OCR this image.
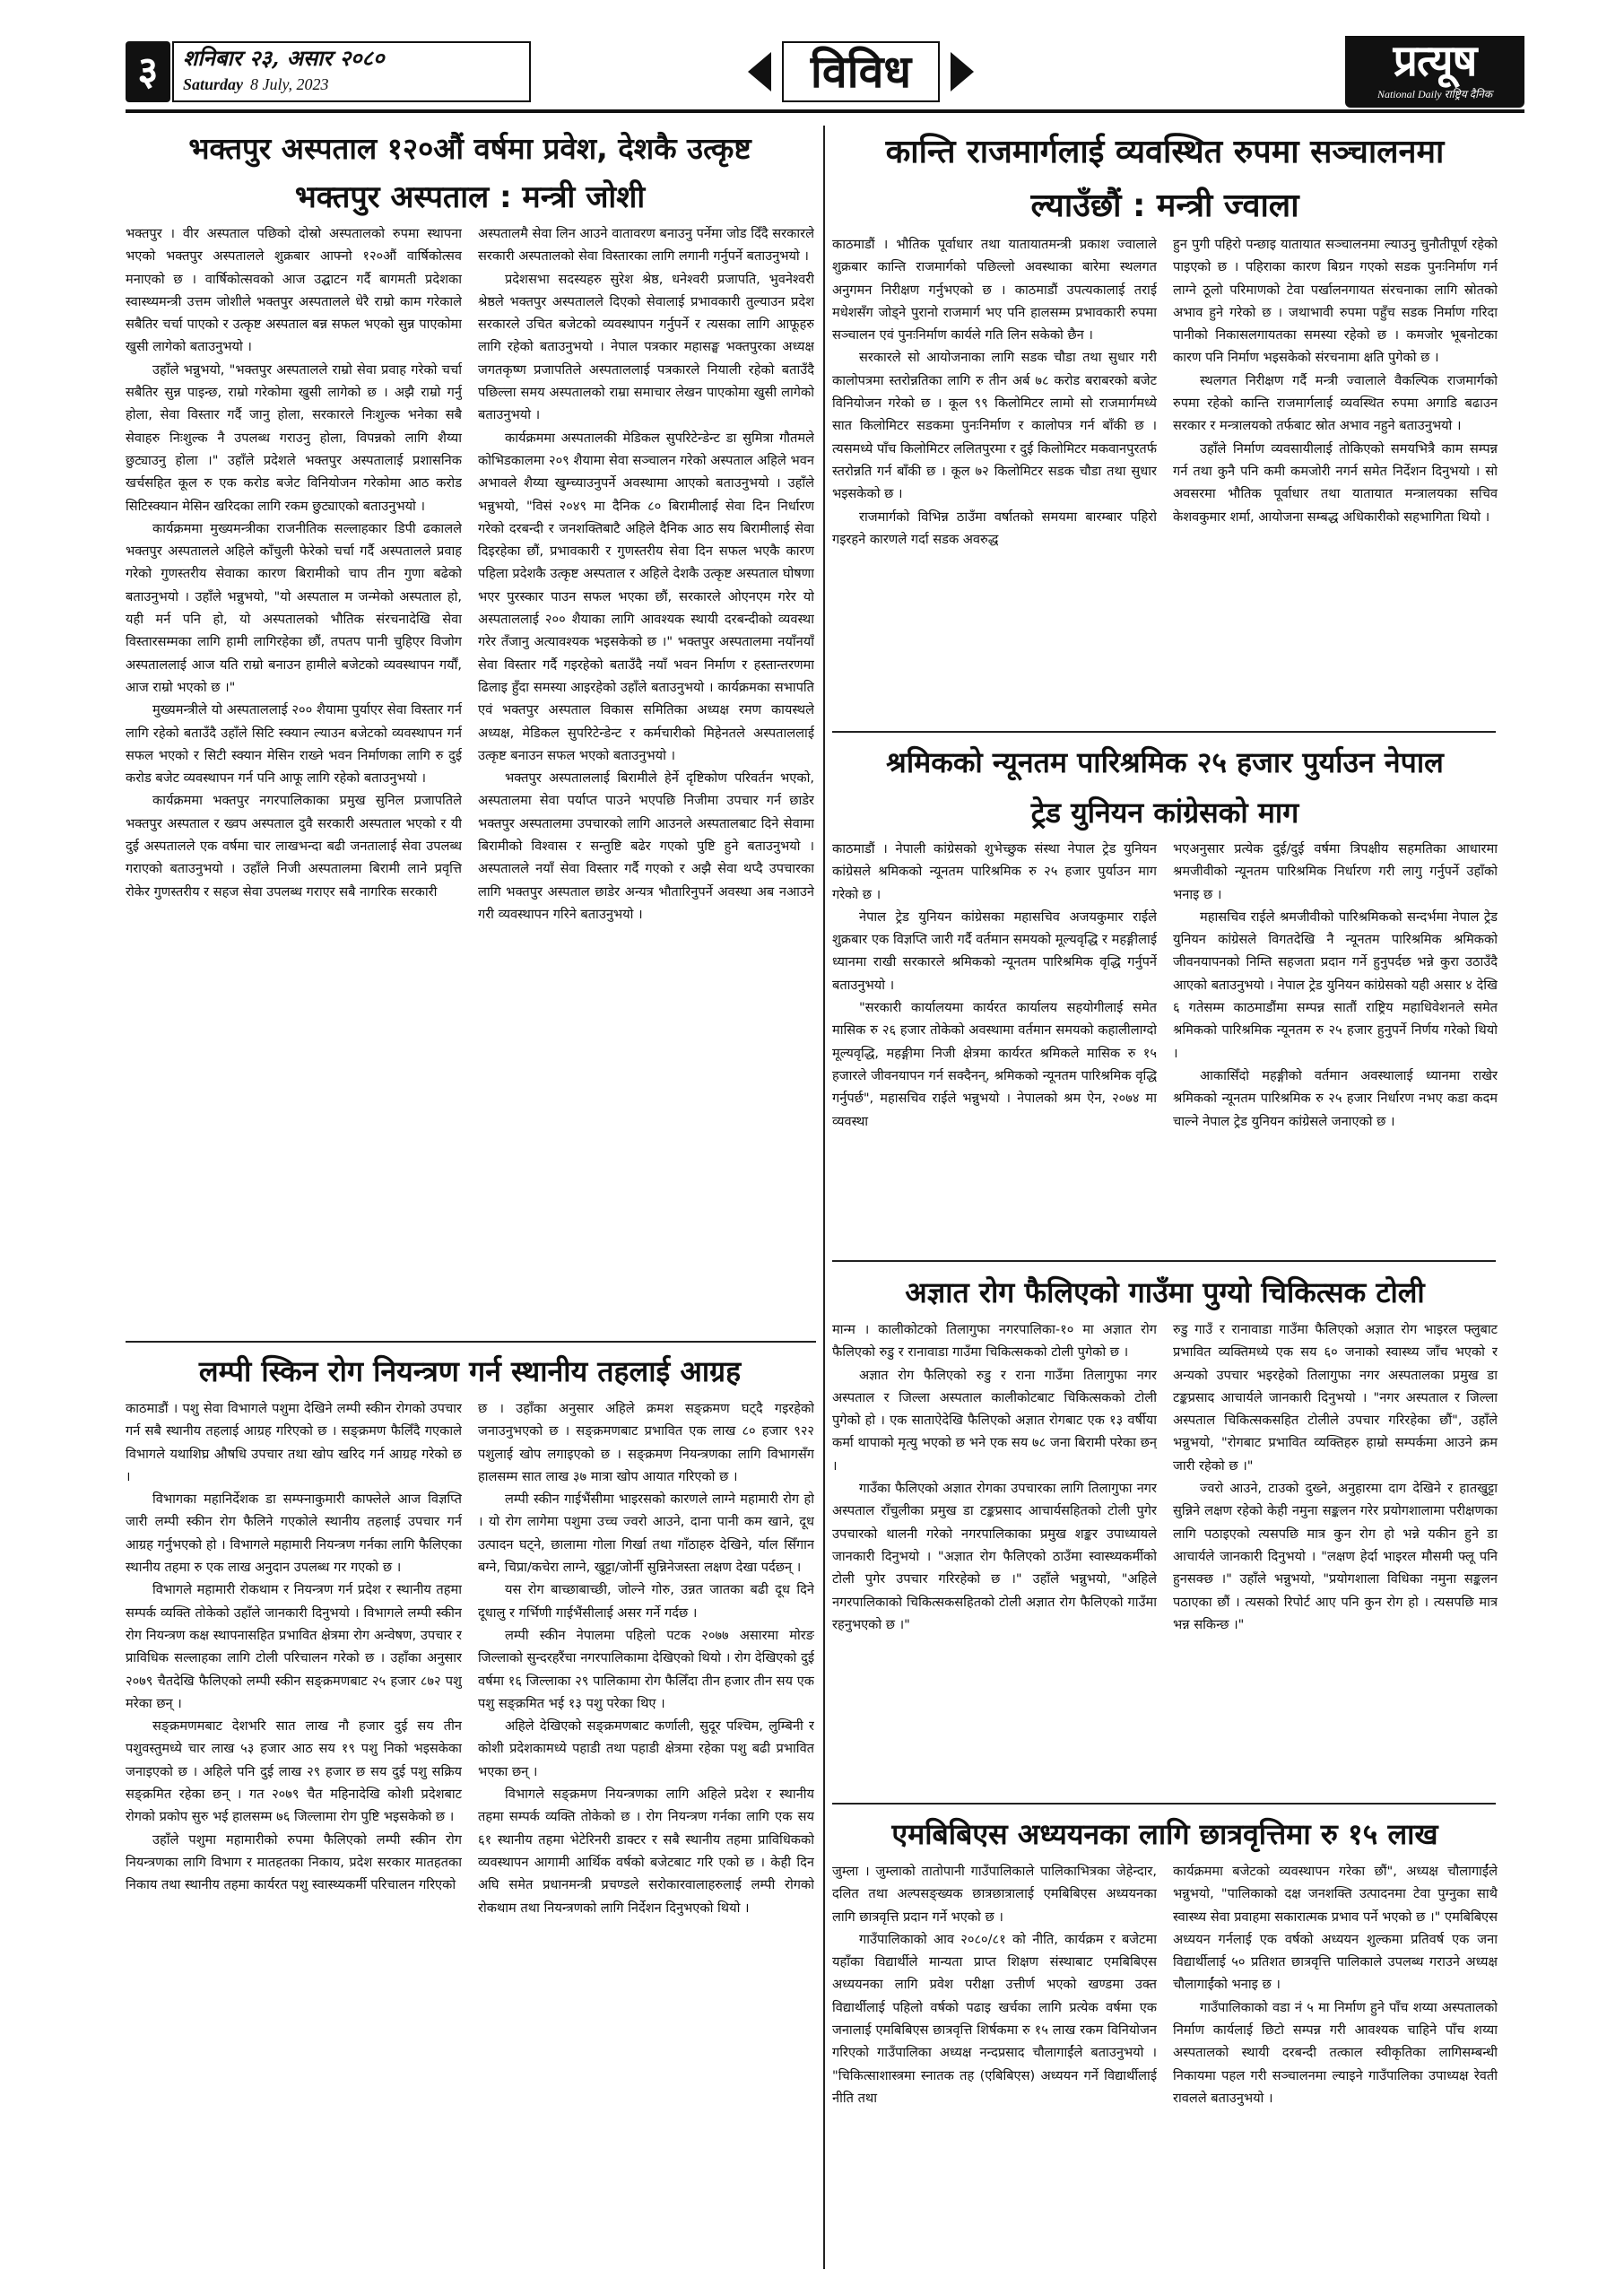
३	शनिबार २३, असार २०८०
Saturday 8 July, 2023	विविध	प्रत्यूष
National Daily राष्ट्रिय दैनिक
भक्तपुर अस्पताल १२०औं वर्षमा प्रवेश, देशकै उत्कृष्ट
भक्तपुर अस्पताल : मन्त्री जोशी

भक्तपुर । वीर अस्पताल पछिको दोस्रो अस्पतालको रुपमा स्थापना भएको भक्तपुर अस्पतालले शुक्रबार आफ्नो १२०औं वार्षिकोत्सव मनाएको छ । वार्षिकोत्सवको आज उद्घाटन गर्दै बागमती प्रदेशका स्वास्थ्यमन्त्री उत्तम जोशीले भक्तपुर अस्पतालले धेरै राम्रो काम गरेकाले सबैतिर चर्चा पाएको र उत्कृष्ट अस्पताल बन्न सफल भएको सुन्न पाएकोमा खुसी लागेको बताउनुभयो ।

उहाँले भन्नुभयो, "भक्तपुर अस्पतालले राम्रो सेवा प्रवाह गरेको चर्चा सबैतिर सुन्न पाइन्छ, राम्रो गरेकोमा खुसी लागेको छ । अझै राम्रो गर्नु होला, सेवा विस्तार गर्दै जानु होला, सरकारले निःशुल्क भनेका सबै सेवाहरु निःशुल्क नै उपलब्ध गराउनु होला, विपन्नको लागि शैय्या छुट्याउनु होला ।" उहाँले प्रदेशले भक्तपुर अस्पतालाई प्रशासनिक खर्चसहित कूल रु एक करोड बजेट विनियोजन गरेकोमा आठ करोड सिटिस्क्यान मेसिन खरिदका लागि रकम छुट्याएको बताउनुभयो ।

कार्यक्रममा मुख्यमन्त्रीका राजनीतिक सल्लाहकार डिपी ढकालले भक्तपुर अस्पतालले अहिले काँचुली फेरेको चर्चा गर्दै अस्पतालले प्रवाह गरेको गुणस्तरीय सेवाका कारण बिरामीको चाप तीन गुणा बढेको बताउनुभयो । उहाँले भन्नुभयो, "यो अस्पताल म जन्मेको अस्पताल हो, यही मर्न पनि हो, यो अस्पतालको भौतिक संरचनादेखि सेवा विस्तारसम्मका लागि हामी लागिरहेका छौं, तपतप पानी चुहिएर विजोग अस्पताललाई आज यति राम्रो बनाउन हामीले बजेटको व्यवस्थापन गर्यौं, आज राम्रो भएको छ ।"

मुख्यमन्त्रीले यो अस्पताललाई २०० शैयामा पुर्याएर सेवा विस्तार गर्न लागि रहेको बताउँदै उहाँले सिटि स्क्यान ल्याउन बजेटको व्यवस्थापन गर्न सफल भएको र सिटी स्क्यान मेसिन राख्ने भवन निर्माणका लागि रु दुई करोड बजेट व्यवस्थापन गर्न पनि आफू लागि रहेको बताउनुभयो ।

कार्यक्रममा भक्तपुर नगरपालिकाका प्रमुख सुनिल प्रजापतिले भक्तपुर अस्पताल र ख्वप अस्पताल दुवै सरकारी अस्पताल भएको र यी दुई अस्पतालले एक वर्षमा चार लाखभन्दा बढी जनतालाई सेवा उपलब्ध गराएको बताउनुभयो । उहाँले निजी अस्पतालमा बिरामी लाने प्रवृत्ति रोकेर गुणस्तरीय र सहज सेवा उपलब्ध गराएर सबै नागरिक सरकारी

अस्पतालमै सेवा लिन आउने वातावरण बनाउनु पर्नेमा जोड दिँदै सरकारले सरकारी अस्पतालको सेवा विस्तारका लागि लगानी गर्नुपर्ने बताउनुभयो ।

प्रदेशसभा सदस्यहरु सुरेश श्रेष्ठ, धनेश्वरी प्रजापति, भुवनेश्वरी श्रेष्ठले भक्तपुर अस्पतालले दिएको सेवालाई प्रभावकारी तुल्याउन प्रदेश सरकारले उचित बजेटको व्यवस्थापन गर्नुपर्ने र त्यसका लागि आफूहरु लागि रहेको बताउनुभयो । नेपाल पत्रकार महासङ्घ भक्तपुरका अध्यक्ष जगतकृष्ण प्रजापतिले अस्पताललाई पत्रकारले नियाली रहेको बताउँदै पछिल्ला समय अस्पतालको राम्रा समाचार लेखन पाएकोमा खुसी लागेको बताउनुभयो ।

कार्यक्रममा अस्पतालकी मेडिकल सुपरिटेन्डेन्ट डा सुमित्रा गौतमले कोभिडकालमा २०९ शैयामा सेवा सञ्चालन गरेको अस्पताल अहिले भवन अभावले शैय्या खुम्च्याउनुपर्ने अवस्थामा आएको बताउनुभयो । उहाँले भन्नुभयो, "विसं २०४९ मा दैनिक ८० बिरामीलाई सेवा दिन निर्धारण गरेको दरबन्दी र जनशक्तिबाटै अहिले दैनिक आठ सय बिरामीलाई सेवा दिइरहेका छौं, प्रभावकारी र गुणस्तरीय सेवा दिन सफल भएकै कारण पहिला प्रदेशकै उत्कृष्ट अस्पताल र अहिले देशकै उत्कृष्ट अस्पताल घोषणा भएर पुरस्कार पाउन सफल भएका छौं, सरकारले ओएनएम गरेर यो अस्पताललाई २०० शैयाका लागि आवश्यक स्थायी दरबन्दीको व्यवस्था गरेर तँजानु अत्यावश्यक भइसकेको छ ।" भक्तपुर अस्पतालमा नयाँनयाँ सेवा विस्तार गर्दै गइरहेको बताउँदै नयाँ भवन निर्माण र हस्तान्तरणमा ढिलाइ हुँदा समस्या आइरहेको उहाँले बताउनुभयो । कार्यक्रमका सभापति एवं भक्तपुर अस्पताल विकास समितिका अध्यक्ष रमण कायस्थले अध्यक्ष, मेडिकल सुपरिटेन्डेन्ट र कर्मचारीको मिहेनतले अस्पताललाई उत्कृष्ट बनाउन सफल भएको बताउनुभयो ।

भक्तपुर अस्पताललाई बिरामीले हेर्ने दृष्टिकोण परिवर्तन भएको, अस्पतालमा सेवा पर्याप्त पाउने भएपछि निजीमा उपचार गर्न छाडेर भक्तपुर अस्पतालमा उपचारको लागि आउनले अस्पतालबाट दिने सेवामा बिरामीको विश्वास र सन्तुष्टि बढेर गएको पुष्टि हुने बताउनुभयो । अस्पतालले नयाँ सेवा विस्तार गर्दै गएको र अझै सेवा थप्दै उपचारका लागि भक्तपुर अस्पताल छाडेर अन्यत्र भौतारिनुपर्ने अवस्था अब नआउने गरी व्यवस्थापन गरिने बताउनुभयो ।

लम्पी स्किन रोग नियन्त्रण गर्न स्थानीय तहलाई आग्रह

काठमाडौं । पशु सेवा विभागले पशुमा देखिने लम्पी स्कीन रोगको उपचार गर्न सबै स्थानीय तहलाई आग्रह गरिएको छ । सङ्क्रमण फैलिँदै गएकाले विभागले यथाशिघ्र औषधि उपचार तथा खोप खरिद गर्न आग्रह गरेको छ ।

विभागका महानिर्देशक डा सम्फ्नाकुमारी काफ्लेले आज विज्ञप्ति जारी लम्पी स्कीन रोग फैलिने गएकोले स्थानीय तहलाई उपचार गर्न आग्रह गर्नुभएको हो । विभागले महामारी नियन्त्रण गर्नका लागि फैलिएका स्थानीय तहमा रु एक लाख अनुदान उपलब्ध गर गएको छ ।

विभागले महामारी रोकथाम र नियन्त्रण गर्न प्रदेश र स्थानीय तहमा सम्पर्क व्यक्ति तोकेको उहाँले जानकारी दिनुभयो । विभागले लम्पी स्कीन रोग नियन्त्रण कक्ष स्थापनासहित प्रभावित क्षेत्रमा रोग अन्वेषण, उपचार र प्राविधिक सल्लाहका लागि टोली परिचालन गरेको छ । उहाँका अनुसार २०७९ चैतदेखि फैलिएको लम्पी स्कीन सङ्क्रमणबाट २५ हजार ८७२ पशु मरेका छन् ।

सङ्क्रमणमबाट देशभरि सात लाख नौ हजार दुई सय तीन पशुवस्तुमध्ये चार लाख ५३ हजार आठ सय १९ पशु निको भइसकेका जनाइएको छ । अहिले पनि दुई लाख २९ हजार छ सय दुई पशु सक्रिय सङ्क्रमित रहेका छन् । गत २०७९ चैत महिनादेखि कोशी प्रदेशबाट रोगको प्रकोप सुरु भई हालसम्म ७६ जिल्लामा रोग पुष्टि भइसकेको छ ।

उहाँले पशुमा महामारीको रुपमा फैलिएको लम्पी स्कीन रोग नियन्त्रणका लागि विभाग र मातहतका निकाय, प्रदेश सरकार मातहतका निकाय तथा स्थानीय तहमा कार्यरत पशु स्वास्थ्यकर्मी परिचालन गरिएको

छ । उहाँका अनुसार अहिले क्रमश सङ्क्रमण घट्दै गइरहेको जनाउनुभएको छ । सङ्क्रमणबाट प्रभावित एक लाख ८० हजार ९२२ पशुलाई खोप लगाइएको छ । सङ्क्रमण नियन्त्रणका लागि विभागसँग हालसम्म सात लाख ३७ मात्रा खोप आयात गरिएको छ ।

लम्पी स्कीन गाईभैंसीमा भाइरसको कारणले लाग्ने महामारी रोग हो । यो रोग लागेमा पशुमा उच्च ज्वरो आउने, दाना पानी कम खाने, दूध उत्पादन घट्ने, छालामा गोला गिर्खा तथा गाँठाहरु देखिने, र्याल सिँगान बग्ने, चिप्रा/कचेरा लाग्ने, खुट्टा/जोर्नी सुन्निनेजस्ता लक्षण देखा पर्दछन् ।

यस रोग बाच्छाबाच्छी, जोल्ने गोरु, उन्नत जातका बढी दूध दिने दूधालु र गर्भिणी गाईभैंसीलाई असर गर्ने गर्दछ ।

लम्पी स्कीन नेपालमा पहिलो पटक २०७७ असारमा मोरङ जिल्लाको सुन्दरहरैंचा नगरपालिकामा देखिएको थियो । रोग देखिएको दुई वर्षमा १६ जिल्लाका २९ पालिकामा रोग फैलिँदा तीन हजार तीन सय एक पशु सङ्क्रमित भई १३ पशु परेका थिए ।

अहिले देखिएको सङ्क्रमणबाट कर्णाली, सुदूर पश्चिम, लुम्बिनी र कोशी प्रदेशकामध्ये पहाडी तथा पहाडी क्षेत्रमा रहेका पशु बढी प्रभावित भएका छन् ।

विभागले सङ्क्रमण नियन्त्रणका लागि अहिले प्रदेश र स्थानीय तहमा सम्पर्क व्यक्ति तोकेको छ । रोग नियन्त्रण गर्नका लागि एक सय ६१ स्थानीय तहमा भेटेरिनरी डाक्टर र सबै स्थानीय तहमा प्राविधिकको व्यवस्थापन आगामी आर्थिक वर्षको बजेटबाट गरि एको छ । केही दिन अघि समेत प्रधानमन्त्री प्रचण्डले सरोकारवालाहरुलाई लम्पी रोगको रोकथाम तथा नियन्त्रणको लागि निर्देशन दिनुभएको थियो ।

कान्ति राजमार्गलाई व्यवस्थित रुपमा सञ्चालनमा
ल्याउँछौं : मन्त्री ज्वाला

काठमाडौं । भौतिक पूर्वाधार तथा यातायातमन्त्री प्रकाश ज्वालाले शुक्रबार कान्ति राजमार्गको पछिल्लो अवस्थाका बारेमा स्थलगत अनुगमन निरीक्षण गर्नुभएको छ । काठमाडौं उपत्यकालाई तराई मधेशसँग जोड्ने पुरानो राजमार्ग भए पनि हालसम्म प्रभावकारी रुपमा सञ्चालन एवं पुनःनिर्माण कार्यले गति लिन सकेको छैन ।

सरकारले सो आयोजनाका लागि सडक चौडा तथा सुधार गरी कालोपत्रमा स्तरोन्नतिका लागि रु तीन अर्ब ७८ करोड बराबरको बजेट विनियोजन गरेको छ । कूल ९९ किलोमिटर लामो सो राजमार्गमध्ये सात किलोमिटर सडकमा पुनःनिर्माण र कालोपत्र गर्न बाँकी छ । त्यसमध्ये पाँच किलोमिटर ललितपुरमा र दुई किलोमिटर मकवानपुरतर्फ स्तरोन्नति गर्न बाँकी छ । कूल ७२ किलोमिटर सडक चौडा तथा सुधार भइसकेको छ ।

राजमार्गको विभिन्न ठाउँमा वर्षातको समयमा बारम्बार पहिरो गइरहने कारणले गर्दा सडक अवरुद्ध

हुन पुगी पहिरो पन्छाइ यातायात सञ्चालनमा ल्याउनु चुनौतीपूर्ण रहेको पाइएको छ । पहिराका कारण बिग्रन गएको सडक पुनःनिर्माण गर्न लाग्ने ठूलो परिमाणको टेवा पर्खालनगायत संरचनाका लागि स्रोतको अभाव हुने गरेको छ । जथाभावी रुपमा पहुँच सडक निर्माण गरिदा पानीको निकासलगायतका समस्या रहेको छ । कमजोर भूबनोटका कारण पनि निर्माण भइसकेको संरचनामा क्षति पुगेको छ ।

स्थलगत निरीक्षण गर्दै मन्त्री ज्वालाले वैकल्पिक राजमार्गको रुपमा रहेको कान्ति राजमार्गलाई व्यवस्थित रुपमा अगाडि बढाउन सरकार र मन्त्रालयको तर्फबाट स्रोत अभाव नहुने बताउनुभयो ।

उहाँले निर्माण व्यवसायीलाई तोकिएको समयभित्रै काम सम्पन्न गर्न तथा कुनै पनि कमी कमजोरी नगर्न समेत निर्देशन दिनुभयो । सो अवसरमा भौतिक पूर्वाधार तथा यातायात मन्त्रालयका सचिव केशवकुमार शर्मा, आयोजना सम्बद्ध अधिकारीको सहभागिता थियो ।

श्रमिकको न्यूनतम पारिश्रमिक २५ हजार पुर्याउन नेपाल
ट्रेड युनियन कांग्रेसको माग

काठमाडौं । नेपाली कांग्रेसको शुभेच्छुक संस्था नेपाल ट्रेड युनियन कांग्रेसले श्रमिकको न्यूनतम पारिश्रमिक रु २५ हजार पुर्याउन माग गरेको छ ।

नेपाल ट्रेड युनियन कांग्रेसका महासचिव अजयकुमार राईले शुक्रबार एक विज्ञप्ति जारी गर्दै वर्तमान समयको मूल्यवृद्धि र महङ्गीलाई ध्यानमा राखी सरकारले श्रमिकको न्यूनतम पारिश्रमिक वृद्धि गर्नुपर्ने बताउनुभयो ।

"सरकारी कार्यालयमा कार्यरत कार्यालय सहयोगीलाई समेत मासिक रु २६ हजार तोकेको अवस्थामा वर्तमान समयको कहालीलाग्दो मूल्यवृद्धि, महङ्गीमा निजी क्षेत्रमा कार्यरत श्रमिकले मासिक रु १५ हजारले जीवनयापन गर्न सक्दैनन्, श्रमिकको न्यूनतम पारिश्रमिक वृद्धि गर्नुपर्छ", महासचिव राईले भन्नुभयो । नेपालको श्रम ऐन, २०७४ मा व्यवस्था

भएअनुसार प्रत्येक दुई/दुई वर्षमा त्रिपक्षीय सहमतिका आधारमा श्रमजीवीको न्यूनतम पारिश्रमिक निर्धारण गरी लागु गर्नुपर्ने उहाँको भनाइ छ ।

महासचिव राईले श्रमजीवीको पारिश्रमिकको सन्दर्भमा नेपाल ट्रेड युनियन कांग्रेसले विगतदेखि नै न्यूनतम पारिश्रमिक श्रमिकको जीवनयापनको निम्ति सहजता प्रदान गर्ने हुनुपर्दछ भन्ने कुरा उठाउँदै आएको बताउनुभयो । नेपाल ट्रेड युनियन कांग्रेसको यही असार ४ देखि ६ गतेसम्म काठमाडौंमा सम्पन्न सातौं राष्ट्रिय महाधिवेशनले समेत श्रमिकको पारिश्रमिक न्यूनतम रु २५ हजार हुनुपर्ने निर्णय गरेको थियो ।

आकासिँदो महङ्गीको वर्तमान अवस्थालाई ध्यानमा राखेर श्रमिकको न्यूनतम पारिश्रमिक रु २५ हजार निर्धारण नभए कडा कदम चाल्ने नेपाल ट्रेड युनियन कांग्रेसले जनाएको छ ।

अज्ञात रोग फैलिएको गाउँमा पुग्यो चिकित्सक टोली

मान्म । कालीकोटको तिलागुफा नगरपालिका-१० मा अज्ञात रोग फैलिएको रुडु र रानावाडा गाउँमा चिकित्सकको टोली पुगेको छ ।

अज्ञात रोग फैलिएको रुडु र राना गाउँमा तिलागुफा नगर अस्पताल र जिल्ला अस्पताल कालीकोटबाट चिकित्सकको टोली पुगेको हो । एक साताऐदेखि फैलिएको अज्ञात रोगबाट एक १३ वर्षीया कर्मा थापाको मृत्यु भएको छ भने एक सय ७८ जना बिरामी परेका छन् ।

गाउँका फैलिएको अज्ञात रोगका उपचारका लागि तिलागुफा नगर अस्पताल राँचुलीका प्रमुख डा टङ्कप्रसाद आचार्यसहितको टोली पुगेर उपचारको थालनी गरेको नगरपालिकाका प्रमुख शङ्कर उपाध्यायले जानकारी दिनुभयो । "अज्ञात रोग फैलिएको ठाउँमा स्वास्थ्यकर्मीको टोली पुगेर उपचार गरिरहेको छ ।" उहाँले भन्नुभयो, "अहिले नगरपालिकाको चिकित्सकसहितको टोली अज्ञात रोग फैलिएको गाउँमा रहनुभएको छ ।"

रुडु गाउँ र रानावाडा गाउँमा फैलिएको अज्ञात रोग भाइरल फ्लुबाट प्रभावित व्यक्तिमध्ये एक सय ६० जनाको स्वास्थ्य जाँच भएको र अन्यको उपचार भइरहेको तिलागुफा नगर अस्पतालका प्रमुख डा टङ्कप्रसाद आचार्यले जानकारी दिनुभयो । "नगर अस्पताल र जिल्ला अस्पताल चिकित्सकसहित टोलीले उपचार गरिरहेका छौं", उहाँले भन्नुभयो, "रोगबाट प्रभावित व्यक्तिहरु हाम्रो सम्पर्कमा आउने क्रम जारी रहेको छ ।"

ज्वरो आउने, टाउको दुख्ने, अनुहारमा दाग देखिने र हातखुट्टा सुन्निने लक्षण रहेको केही नमुना सङ्कलन गरेर प्रयोगशालामा परीक्षणका लागि पठाइएको त्यसपछि मात्र कुन रोग हो भन्ने यकीन हुने डा आचार्यले जानकारी दिनुभयो । "लक्षण हेर्दा भाइरल मौसमी फ्लू पनि हुनसक्छ ।" उहाँले भन्नुभयो, "प्रयोगशाला विधिका नमुना सङ्कलन पठाएका छौं । त्यसको रिपोर्ट आए पनि कुन रोग हो । त्यसपछि मात्र भन्न सकिन्छ ।"

एमबिबिएस अध्ययनका लागि छात्रवृत्तिमा रु १५ लाख

जुम्ला । जुम्लाको तातोपानी गाउँपालिकाले पालिकाभित्रका जेहेन्दार, दलित तथा अल्पसङ्ख्यक छात्रछात्रालाई एमबिबिएस अध्ययनका लागि छात्रवृत्ति प्रदान गर्ने भएको छ ।

गाउँपालिकाको आव २०८०/८१ को नीति, कार्यक्रम र बजेटमा यहाँका विद्यार्थीले मान्यता प्राप्त शिक्षण संस्थाबाट एमबिबिएस अध्ययनका लागि प्रवेश परीक्षा उत्तीर्ण भएको खण्डमा उक्त विद्यार्थीलाई पहिलो वर्षको पढाइ खर्चका लागि प्रत्येक वर्षमा एक जनालाई एमबिबिएस छात्रवृत्ति शिर्षकमा रु १५ लाख रकम विनियोजन गरिएको गाउँपालिका अध्यक्ष नन्दप्रसाद चौलागाईंले बताउनुभयो । "चिकित्साशास्त्रमा स्नातक तह (एबिबिएस) अध्ययन गर्ने विद्यार्थीलाई नीति तथा

कार्यक्रममा बजेटको व्यवस्थापन गरेका छौं", अध्यक्ष चौलागाईंले भन्नुभयो, "पालिकाको दक्ष जनशक्ति उत्पादनमा टेवा पुग्नुका साथै स्वास्थ्य सेवा प्रवाहमा सकारात्मक प्रभाव पर्ने भएको छ ।" एमबिबिएस अध्ययन गर्नलाई एक वर्षको अध्ययन शुल्कमा प्रतिवर्ष एक जना विद्यार्थीलाई ५० प्रतिशत छात्रवृत्ति पालिकाले उपलब्ध गराउने अध्यक्ष चौलागाईंको भनाइ छ ।

गाउँपालिकाको वडा नं ५ मा निर्माण हुने पाँच शय्या अस्पतालको निर्माण कार्यलाई छिटो सम्पन्न गरी आवश्यक चाहिने पाँच शय्या अस्पतालको स्थायी दरबन्दी तत्काल स्वीकृतिका लागिसम्बन्धी निकायमा पहल गरी सञ्चालनमा ल्याइने गाउँपालिका उपाध्यक्ष रेवती रावलले बताउनुभयो ।
